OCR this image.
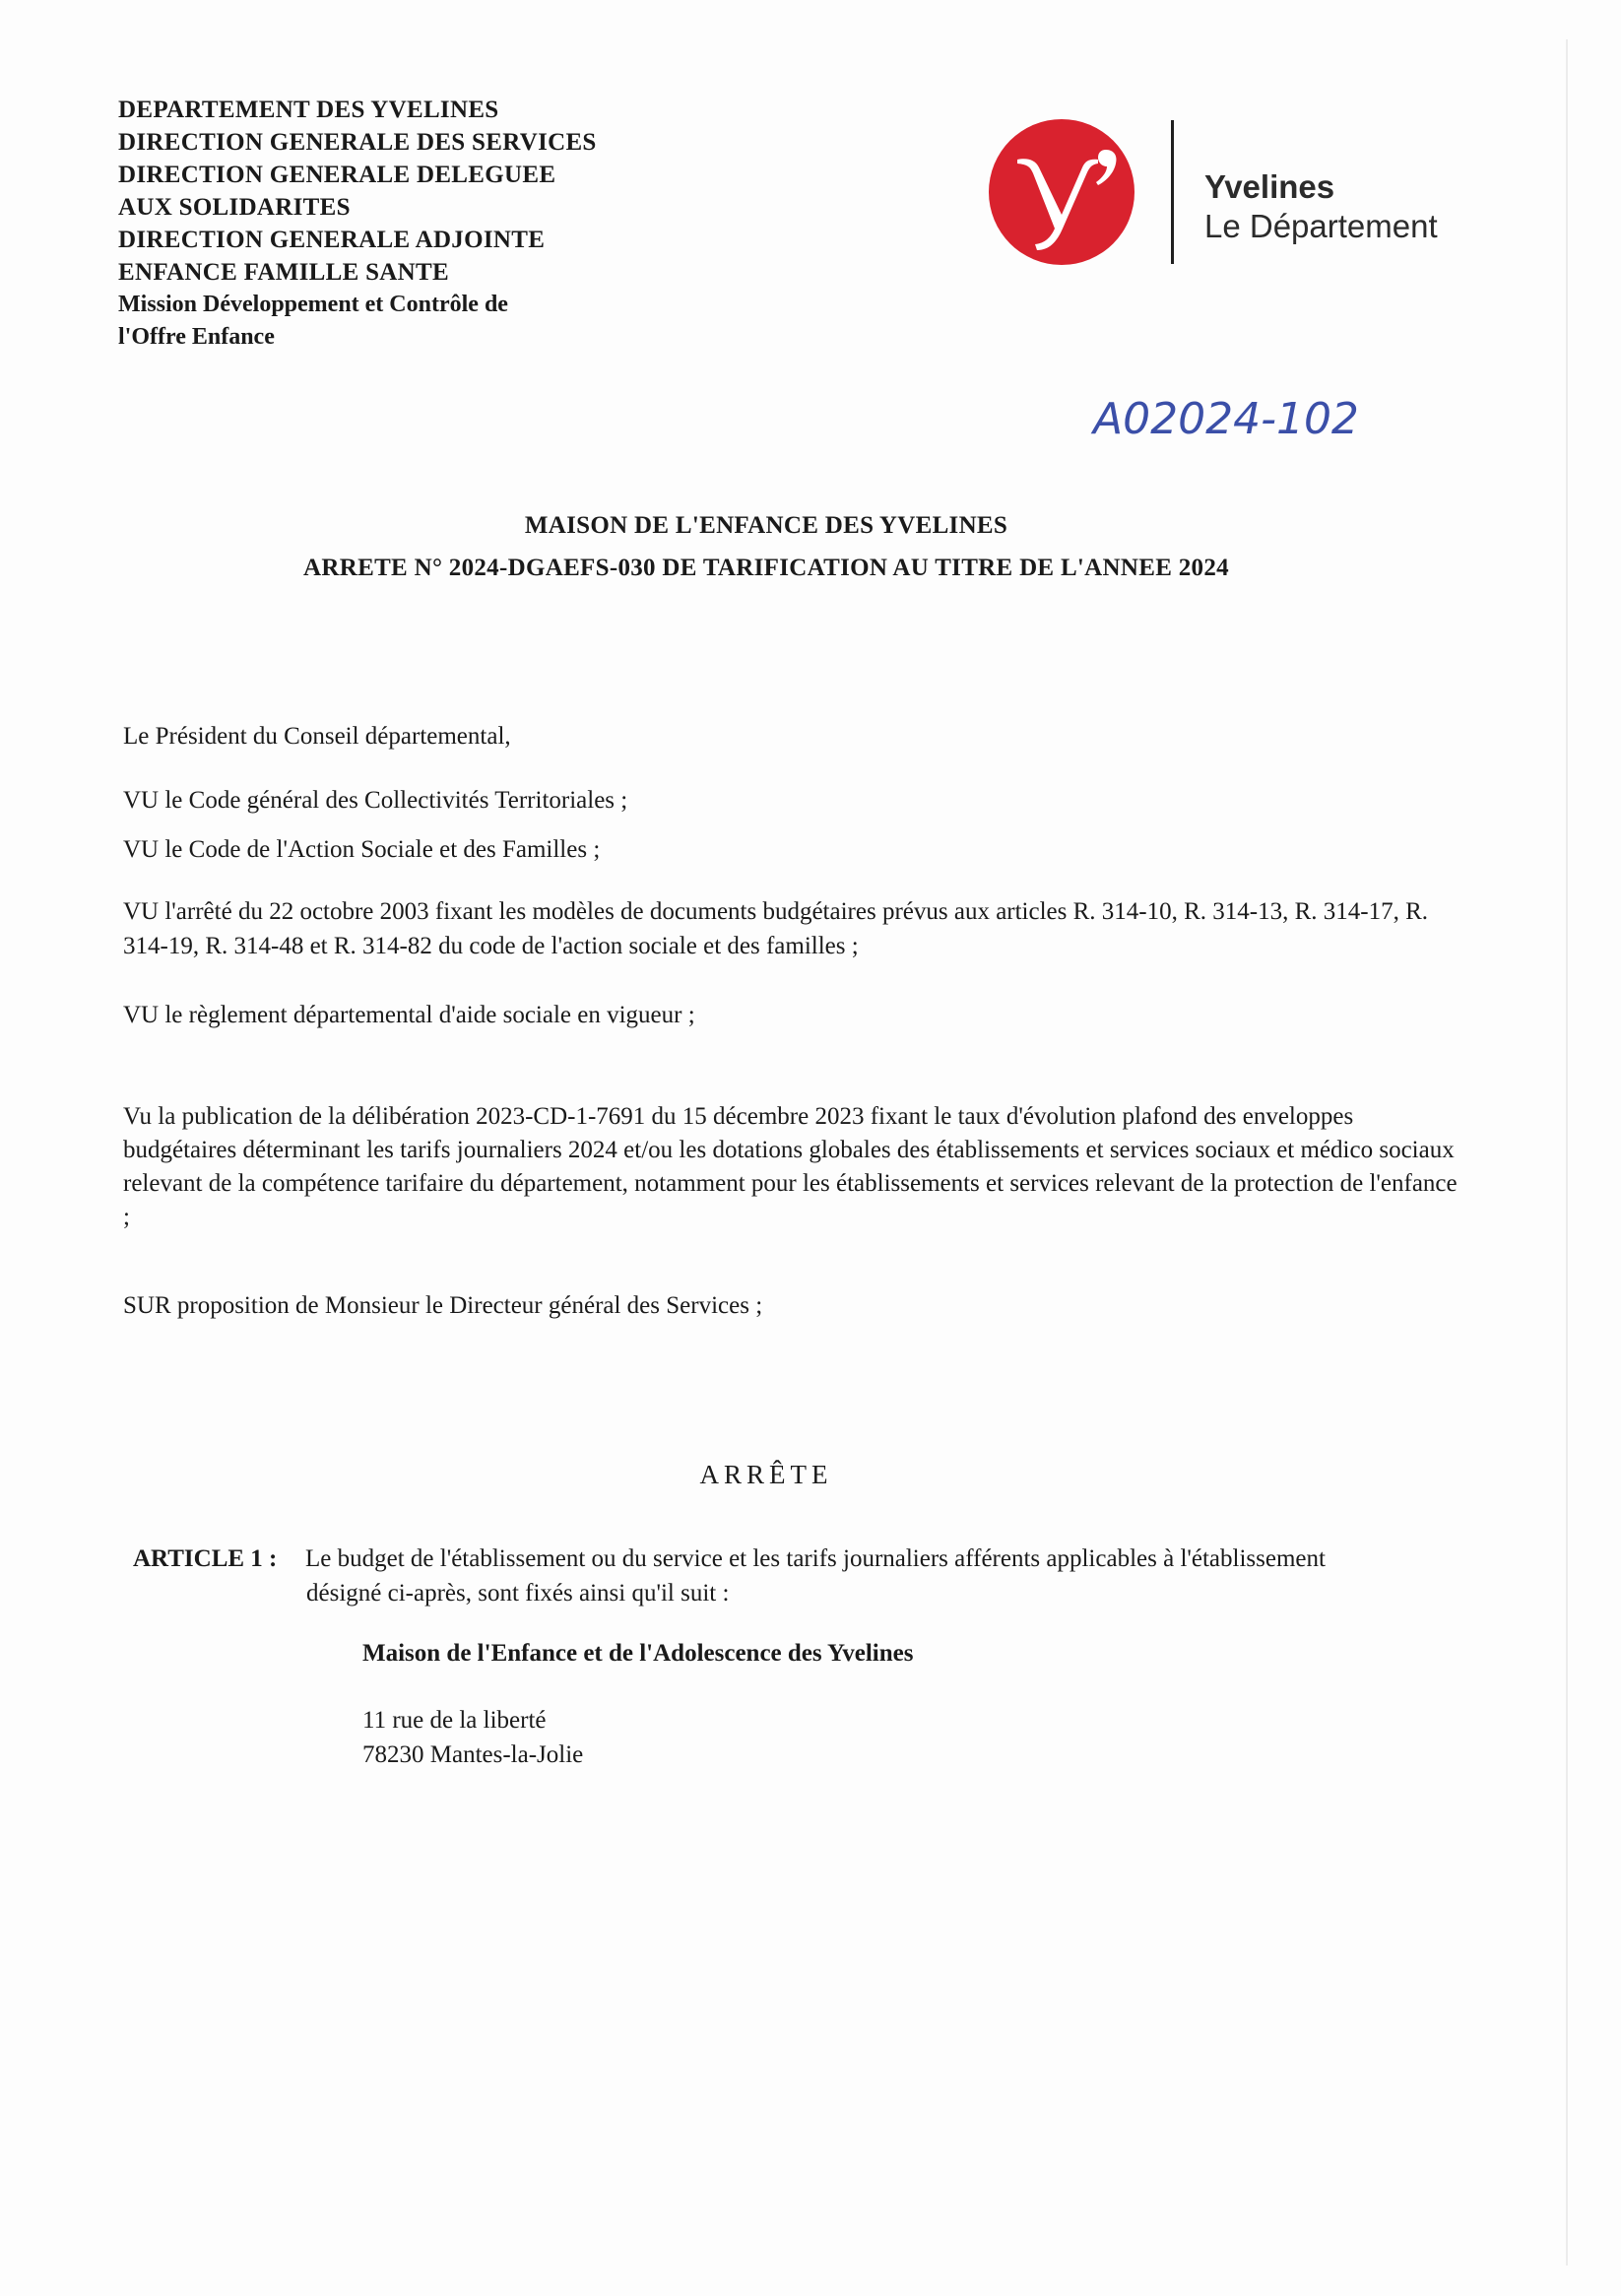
DEPARTEMENT DES YVELINES
DIRECTION GENERALE DES SERVICES
DIRECTION GENERALE DELEGUEE
AUX SOLIDARITES
DIRECTION GENERALE ADJOINTE
ENFANCE FAMILLE SANTE
Mission Développement et Contrôle de
l'Offre Enfance
Yvelines
Le Département
A02024-102
MAISON DE L'ENFANCE DES YVELINES
ARRETE N° 2024-DGAEFS-030 DE TARIFICATION AU TITRE DE L'ANNEE 2024
Le Président du Conseil départemental,
VU le Code général des Collectivités Territoriales ;
VU le Code de l'Action Sociale et des Familles ;
VU l'arrêté du 22 octobre 2003 fixant les modèles de documents budgétaires prévus aux articles R. 314-10, R. 314-13, R. 314-17, R. 314-19, R. 314-48 et R. 314-82 du code de l'action sociale et des familles ;
VU le règlement départemental d'aide sociale en vigueur ;
Vu la publication de la délibération 2023-CD-1-7691 du 15 décembre 2023 fixant le taux d'évolution plafond des enveloppes budgétaires déterminant les tarifs journaliers 2024 et/ou les dotations globales des établissements et services sociaux et médico sociaux relevant de la compétence tarifaire du département, notamment pour les établissements et services relevant de la protection de l'enfance ;
SUR proposition de Monsieur le Directeur général des Services ;
ARRÊTE
ARTICLE 1 : Le budget de l'établissement ou du service et les tarifs journaliers afférents applicables à l'établissement
désigné ci-après, sont fixés ainsi qu'il suit :
Maison de l'Enfance et de l'Adolescence des Yvelines
11 rue de la liberté
78230 Mantes-la-Jolie
